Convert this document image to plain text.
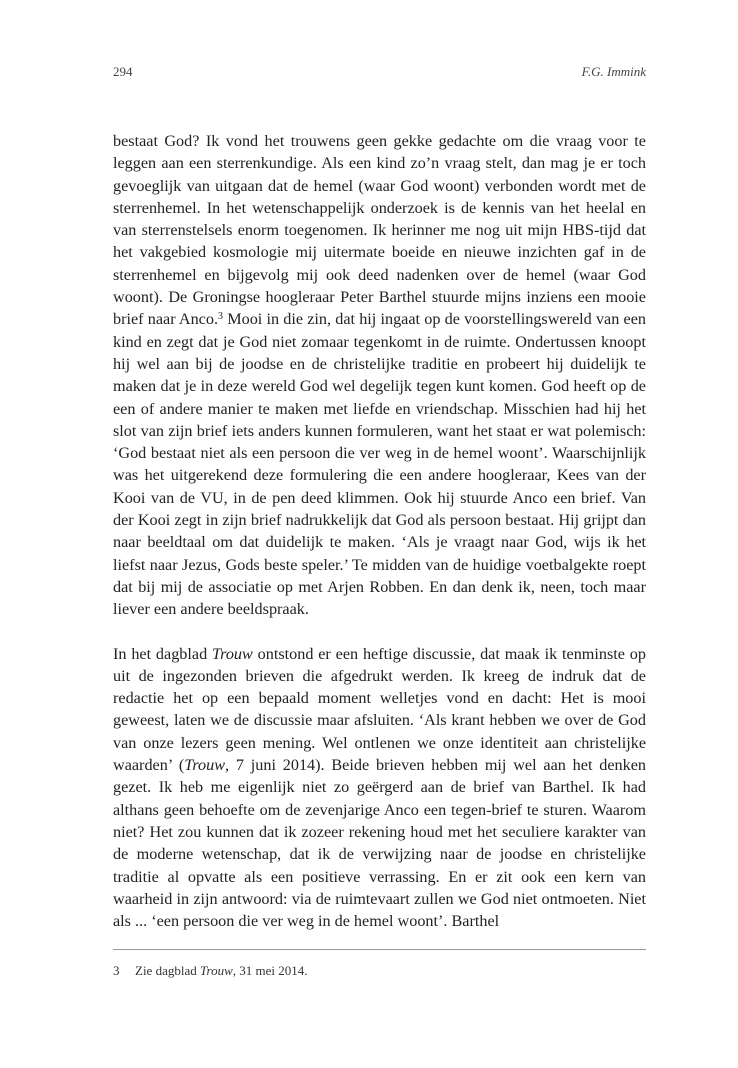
294	F.G. Immink

bestaat God? Ik vond het trouwens geen gekke gedachte om die vraag voor te leggen aan een sterrenkundige. Als een kind zo’n vraag stelt, dan mag je er toch gevoeglijk van uitgaan dat de hemel (waar God woont) verbonden wordt met de sterrenhemel. In het wetenschappelijk onderzoek is de kennis van het heelal en van sterrenstelsels enorm toegenomen. Ik herinner me nog uit mijn HBS-tijd dat het vakgebied kosmologie mij uitermate boeide en nieuwe inzichten gaf in de sterrenhemel en bijgevolg mij ook deed nadenken over de hemel (waar God woont). De Groningse hoogleraar Peter Barthel stuurde mijns inziens een mooie brief naar Anco.$^3$ Mooi in die zin, dat hij ingaat op de voorstellingswereld van een kind en zegt dat je God niet zomaar tegenkomt in de ruimte. Ondertussen knoopt hij wel aan bij de joodse en de christelijke traditie en probeert hij duidelijk te maken dat je in deze wereld God wel degelijk tegen kunt komen. God heeft op de een of andere manier te maken met liefde en vriendschap. Misschien had hij het slot van zijn brief iets anders kunnen formuleren, want het staat er wat polemisch: ‘God bestaat niet als een persoon die ver weg in de hemel woont’. Waarschijnlijk was het uitgerekend deze formulering die een andere hoogleraar, Kees van der Kooi van de VU, in de pen deed klimmen. Ook hij stuurde Anco een brief. Van der Kooi zegt in zijn brief nadrukkelijk dat God als persoon bestaat. Hij grijpt dan naar beeldtaal om dat duidelijk te maken. ‘Als je vraagt naar God, wijs ik het liefst naar Jezus, Gods beste speler.’ Te midden van de huidige voetbalgekte roept dat bij mij de associatie op met Arjen Robben. En dan denk ik, neen, toch maar liever een andere beeldspraak.

In het dagblad Trouw ontstond er een heftige discussie, dat maak ik tenminste op uit de ingezonden brieven die afgedrukt werden. Ik kreeg de indruk dat de redactie het op een bepaald moment welletjes vond en dacht: Het is mooi geweest, laten we de discussie maar afsluiten. ‘Als krant hebben we over de God van onze lezers geen mening. Wel ontlenen we onze identiteit aan christelijke waarden’ (Trouw, 7 juni 2014). Beide brieven hebben mij wel aan het denken gezet. Ik heb me eigenlijk niet zo geërgerd aan de brief van Barthel. Ik had althans geen behoefte om de zevenjarige Anco een tegen-brief te sturen. Waarom niet? Het zou kunnen dat ik zozeer rekening houd met het seculiere karakter van de moderne wetenschap, dat ik de verwijzing naar de joodse en christelijke traditie al opvatte als een positieve verrassing. En er zit ook een kern van waarheid in zijn antwoord: via de ruimtevaart zullen we God niet ontmoeten. Niet als ... ‘een persoon die ver weg in de hemel woont’. Barthel

3 Zie dagblad Trouw, 31 mei 2014.
